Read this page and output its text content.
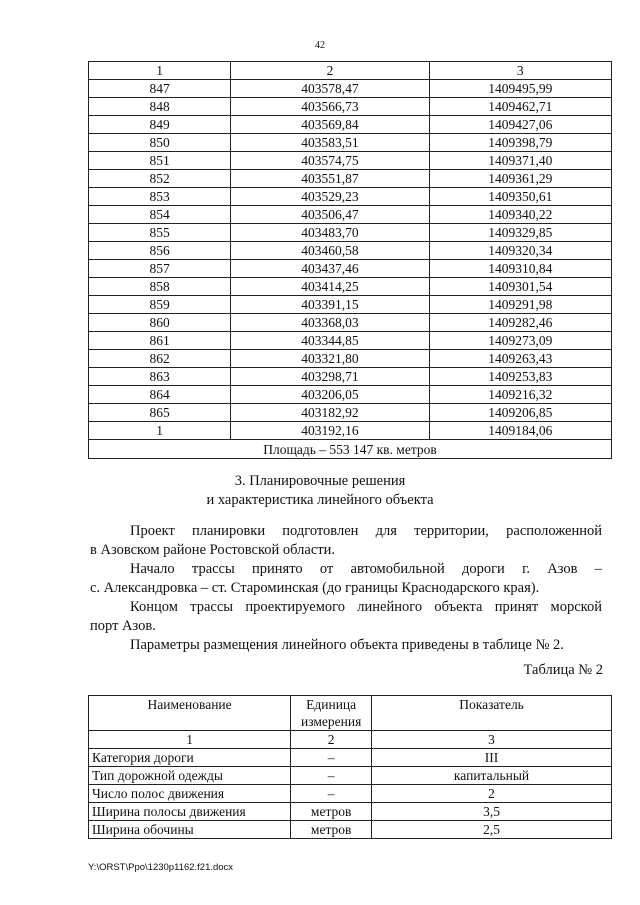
42
1	2	3
847	403578,47	1409495,99
848	403566,73	1409462,71
849	403569,84	1409427,06
850	403583,51	1409398,79
851	403574,75	1409371,40
852	403551,87	1409361,29
853	403529,23	1409350,61
854	403506,47	1409340,22
855	403483,70	1409329,85
856	403460,58	1409320,34
857	403437,46	1409310,84
858	403414,25	1409301,54
859	403391,15	1409291,98
860	403368,03	1409282,46
861	403344,85	1409273,09
862	403321,80	1409263,43
863	403298,71	1409253,83
864	403206,05	1409216,32
865	403182,92	1409206,85
1	403192,16	1409184,06
Площадь – 553 147 кв. метров		
3. Планировочные решения
и характеристика линейного объекта
Проект планировки подготовлен для территории, расположенной
в Азовском районе Ростовской области.
Начало трассы принято от автомобильной дороги г. Азов –
с. Александровка – ст. Староминская (до границы Краснодарского края).
Концом трассы проектируемого линейного объекта принят морской
порт Азов.
Параметры размещения линейного объекта приведены в таблице № 2.
Таблица № 2
Наименование	Единица измерения	Показатель
1	2	3
Категория дороги	–	III
Тип дорожной одежды	–	капитальный
Число полос движения	–	2
Ширина полосы движения	метров	3,5
Ширина обочины	метров	2,5
Y:\ORST\Ppo\1230p1162.f21.docx
